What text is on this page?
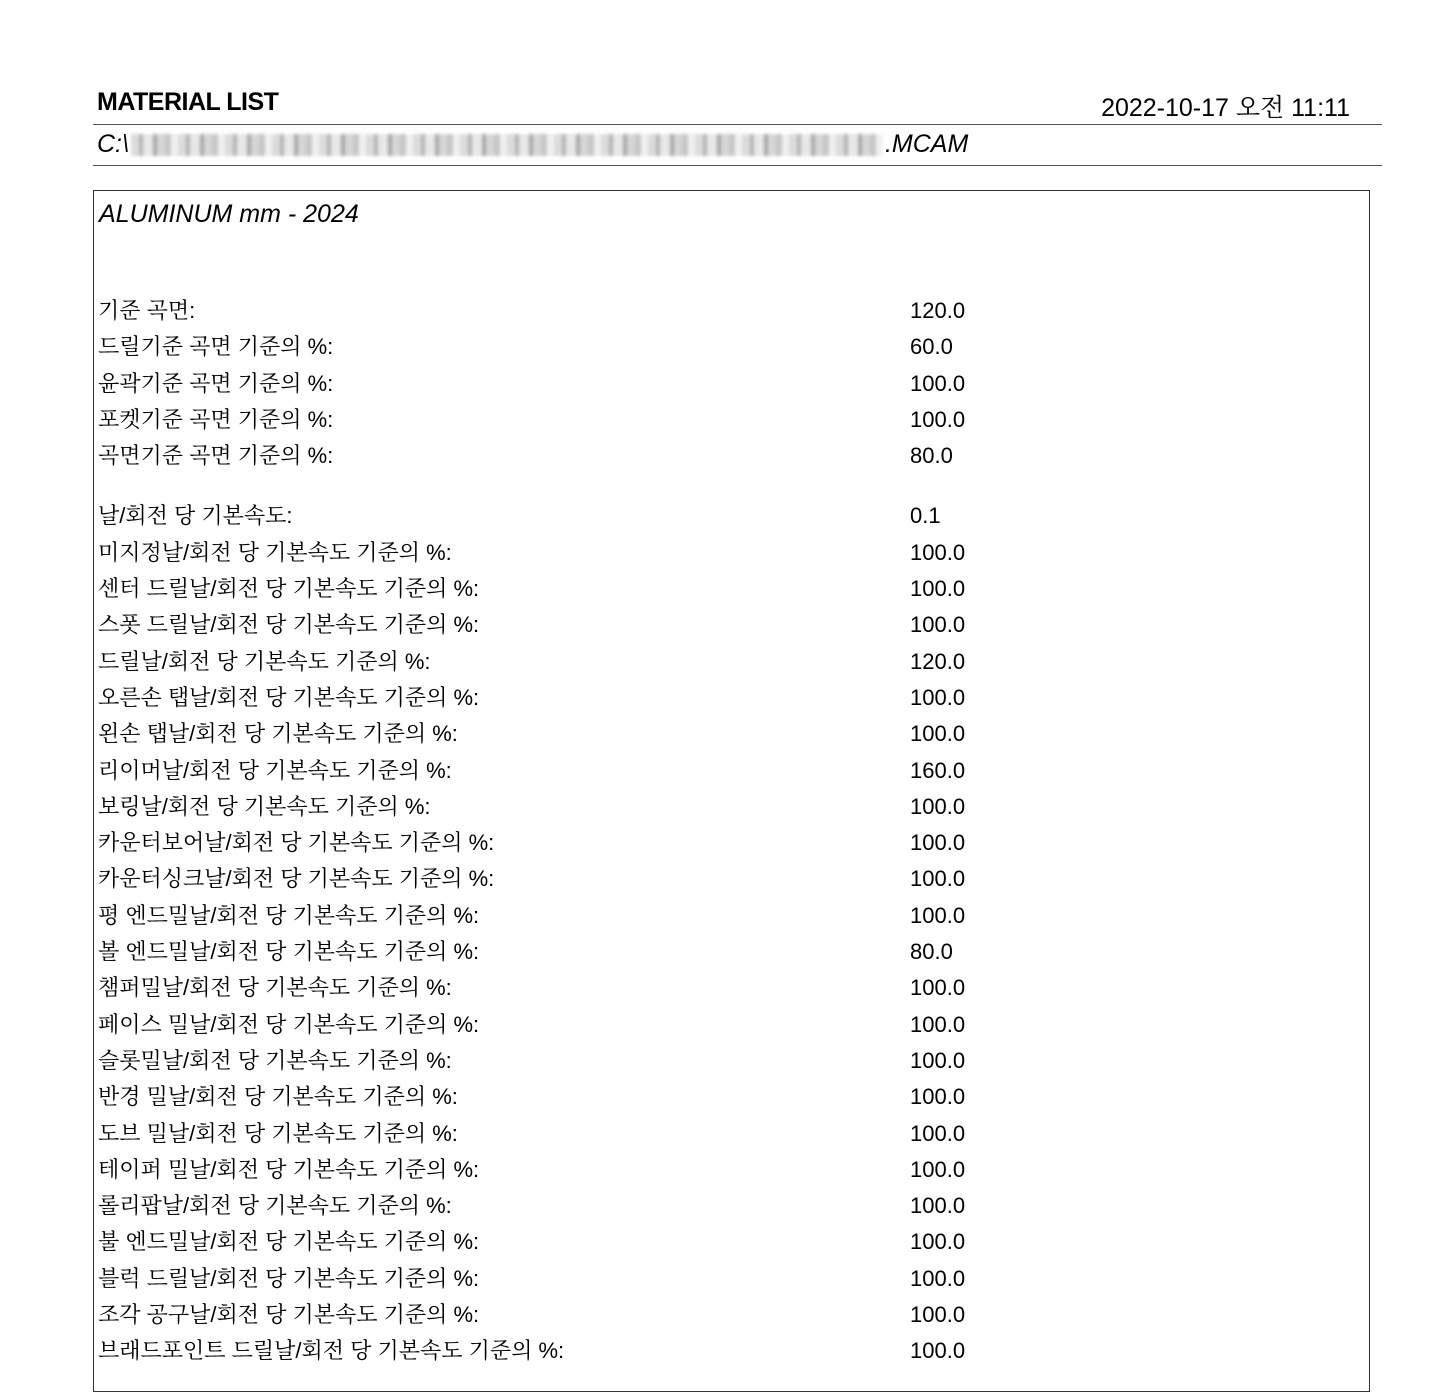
MATERIAL LIST	2022-10-17 오전 11:11
C:\	.MCAM
ALUMINUM mm - 2024
기준 곡면:	120.0
드릴기준 곡면 기준의 %:	60.0
윤곽기준 곡면 기준의 %:	100.0
포켓기준 곡면 기준의 %:	100.0
곡면기준 곡면 기준의 %:	80.0
날/회전 당 기본속도:	0.1
미지정날/회전 당 기본속도 기준의 %:	100.0
센터 드릴날/회전 당 기본속도 기준의 %:	100.0
스폿 드릴날/회전 당 기본속도 기준의 %:	100.0
드릴날/회전 당 기본속도 기준의 %:	120.0
오른손 탭날/회전 당 기본속도 기준의 %:	100.0
왼손 탭날/회전 당 기본속도 기준의 %:	100.0
리이머날/회전 당 기본속도 기준의 %:	160.0
보링날/회전 당 기본속도 기준의 %:	100.0
카운터보어날/회전 당 기본속도 기준의 %:	100.0
카운터싱크날/회전 당 기본속도 기준의 %:	100.0
평 엔드밀날/회전 당 기본속도 기준의 %:	100.0
볼 엔드밀날/회전 당 기본속도 기준의 %:	80.0
챔퍼밀날/회전 당 기본속도 기준의 %:	100.0
페이스 밀날/회전 당 기본속도 기준의 %:	100.0
슬롯밀날/회전 당 기본속도 기준의 %:	100.0
반경 밀날/회전 당 기본속도 기준의 %:	100.0
도브 밀날/회전 당 기본속도 기준의 %:	100.0
테이퍼 밀날/회전 당 기본속도 기준의 %:	100.0
롤리팝날/회전 당 기본속도 기준의 %:	100.0
불 엔드밀날/회전 당 기본속도 기준의 %:	100.0
블럭 드릴날/회전 당 기본속도 기준의 %:	100.0
조각 공구날/회전 당 기본속도 기준의 %:	100.0
브래드포인트 드릴날/회전 당 기본속도 기준의 %:	100.0
